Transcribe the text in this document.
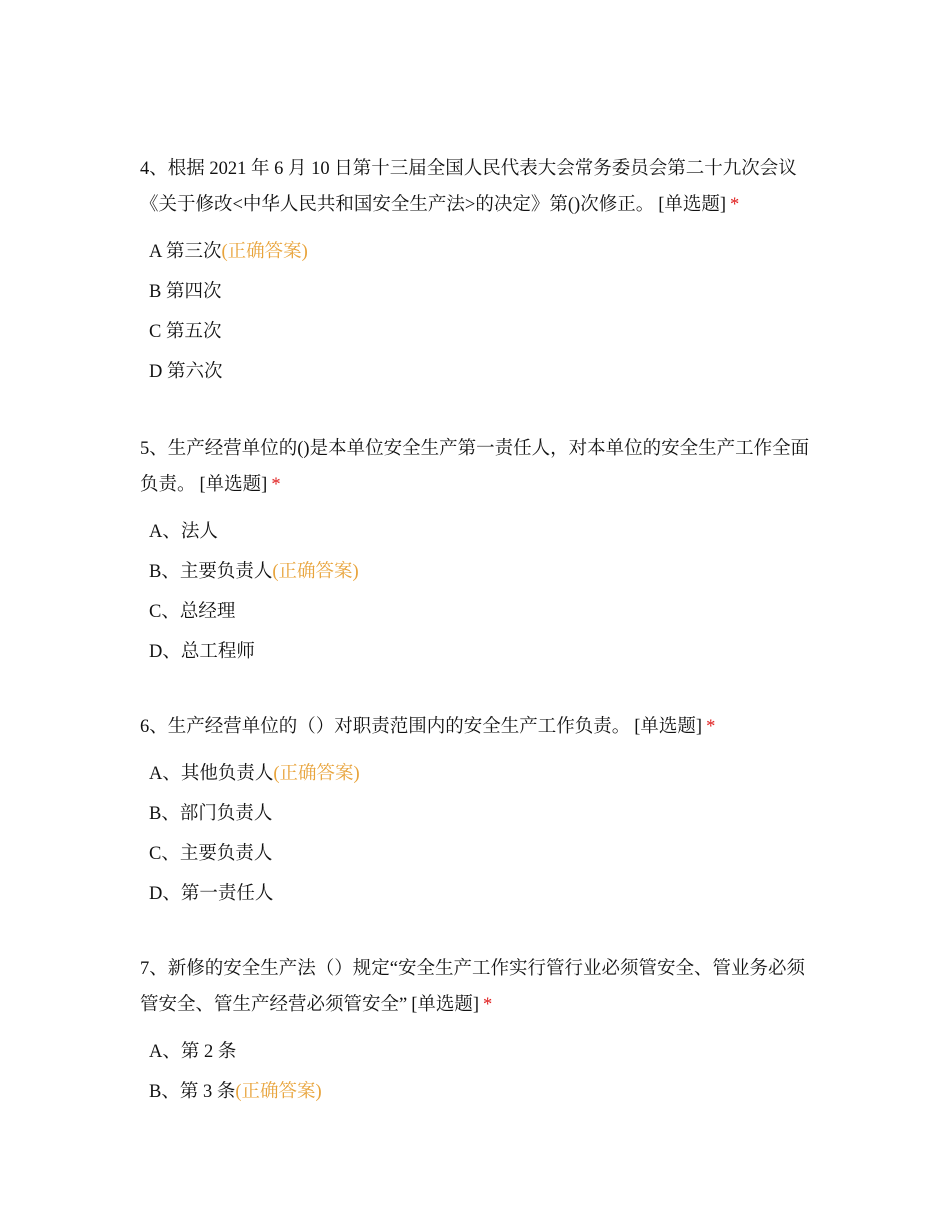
4、根据 2021 年 6 月 10 日第十三届全国人民代表大会常务委员会第二十九次会议《关于修改<中华人民共和国安全生产法>的决定》第()次修正。 [单选题] *

A 第三次(正确答案)
B 第四次
C 第五次
D 第六次

5、生产经营单位的()是本单位安全生产第一责任人，对本单位的安全生产工作全面负责。 [单选题] *

A、法人
B、主要负责人(正确答案)
C、总经理
D、总工程师

6、生产经营单位的（）对职责范围内的安全生产工作负责。 [单选题] *

A、其他负责人(正确答案)
B、部门负责人
C、主要负责人
D、第一责任人

7、新修的安全生产法（）规定“安全生产工作实行管行业必须管安全、管业务必须管安全、管生产经营必须管安全” [单选题] *

A、第 2 条
B、第 3 条(正确答案)
